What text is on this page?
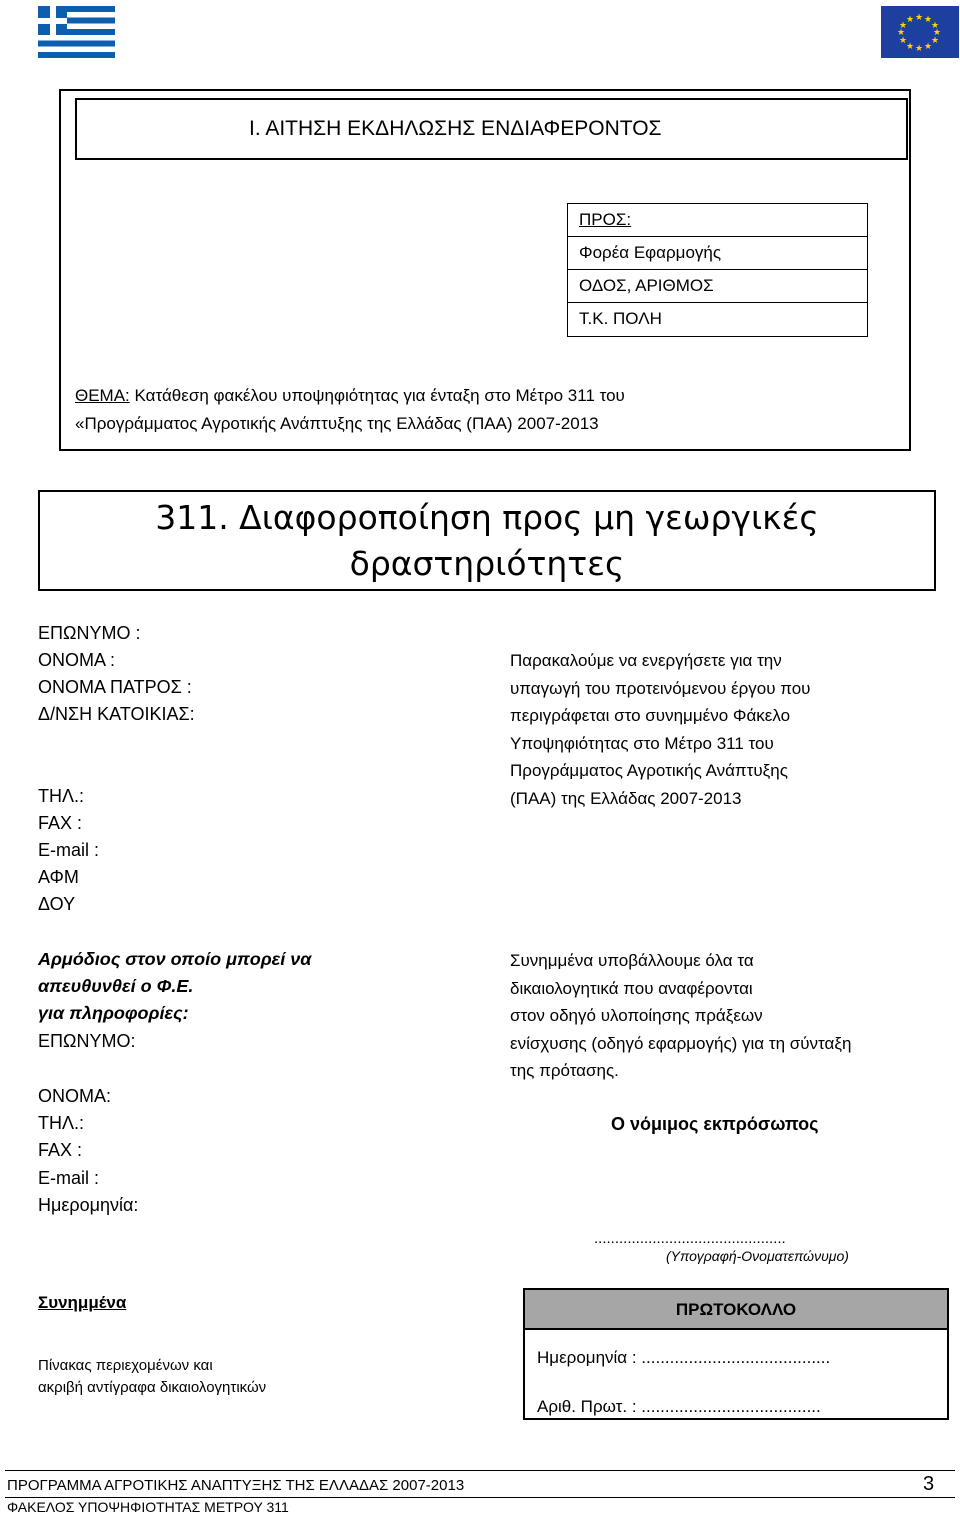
★ ★
★
★
★
★
★
★
★
★
★
★
Ι. ΑΙΤΗΣΗ ΕΚΔΗΛΩΣΗΣ ΕΝΔΙΑΦΕΡΟΝΤΟΣ
ΠΡΟΣ:
Φορέα Εφαρμογής
ΟΔΟΣ, ΑΡΙΘΜΟΣ
Τ.Κ. ΠΟΛΗ
ΘΕΜΑ: Κατάθεση φακέλου υποψηφιότητας για ένταξη στο Μέτρο 311 του
«Προγράμματος Αγροτικής Ανάπτυξης της Ελλάδας (ΠΑΑ) 2007-2013
311. Διαφοροποίηση προς μη γεωργικές
δραστηριότητες
ΕΠΩΝΥΜΟ :
ΟΝΟΜΑ :
ΟΝΟΜΑ ΠΑΤΡΟΣ :
Δ/ΝΣΗ ΚΑΤΟΙΚΙΑΣ:
ΤΗΛ.:
FAX :
E-mail :
ΑΦΜ
ΔΟΥ
Παρακαλούμε να ενεργήσετε για την
υπαγωγή του προτεινόμενου έργου που
περιγράφεται στο συνημμένο Φάκελο
Υποψηφιότητας στο Μέτρο 311 του
Προγράμματος Αγροτικής Ανάπτυξης
(ΠΑΑ) της Ελλάδας 2007-2013
Αρμόδιος στον οποίο μπορεί να
απευθυνθεί ο Φ.Ε.
για πληροφορίες:
ΕΠΩΝΥΜΟ:
ΟΝΟΜΑ:
ΤΗΛ.:
FAX :
E-mail :
Ημερομηνία:
Συνημμένα υποβάλλουμε όλα τα
δικαιολογητικά που αναφέρονται
στον οδηγό υλοποίησης πράξεων
ενίσχυσης (οδηγό εφαρμογής) για τη σύνταξη
της πρότασης.
Ο νόμιμος εκπρόσωπος
..............................................
(Υπογραφή-Ονοματεπώνυμο)
Συνημμένα
Πίνακας περιεχομένων και
ακριβή αντίγραφα δικαιολογητικών
ΠΡΩΤΟΚΟΛΛΟ
Ημερομηνία : ........................................
Αριθ. Πρωτ. : ......................................
ΠΡΟΓΡΑΜΜΑ ΑΓΡΟΤΙΚΗΣ ΑΝΑΠΤΥΞΗΣ ΤΗΣ ΕΛΛΑΔΑΣ 2007-2013	3
ΦΑΚΕΛΟΣ ΥΠΟΨΗΦΙΟΤΗΤΑΣ ΜΕΤΡΟΥ 311
